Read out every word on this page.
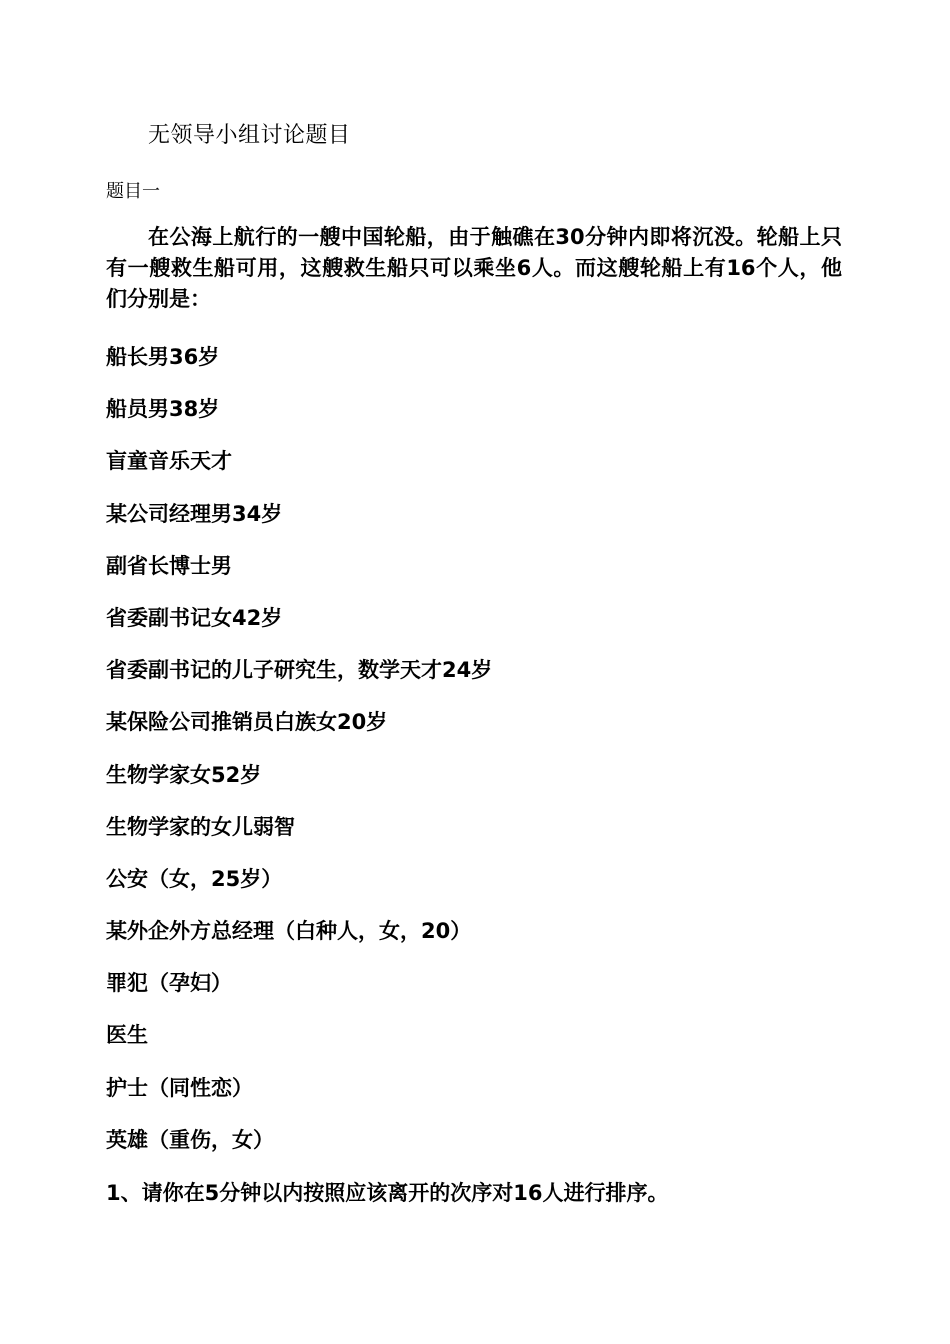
无领导小组讨论题目
题目一
在公海上航行的一艘中国轮船，由于触礁在30分钟内即将沉没。轮船上只有一艘救生船可用，这艘救生船只可以乘坐6人。而这艘轮船上有16个人，他们分别是：
船长男36岁
船员男38岁
盲童音乐天才
某公司经理男34岁
副省长博士男
省委副书记女42岁
省委副书记的儿子研究生，数学天才24岁
某保险公司推销员白族女20岁
生物学家女52岁
生物学家的女儿弱智
公安（女，25岁）
某外企外方总经理（白种人，女，20）
罪犯（孕妇）
医生
护士（同性恋）
英雄（重伤，女）
1、请你在5分钟以内按照应该离开的次序对16人进行排序。
